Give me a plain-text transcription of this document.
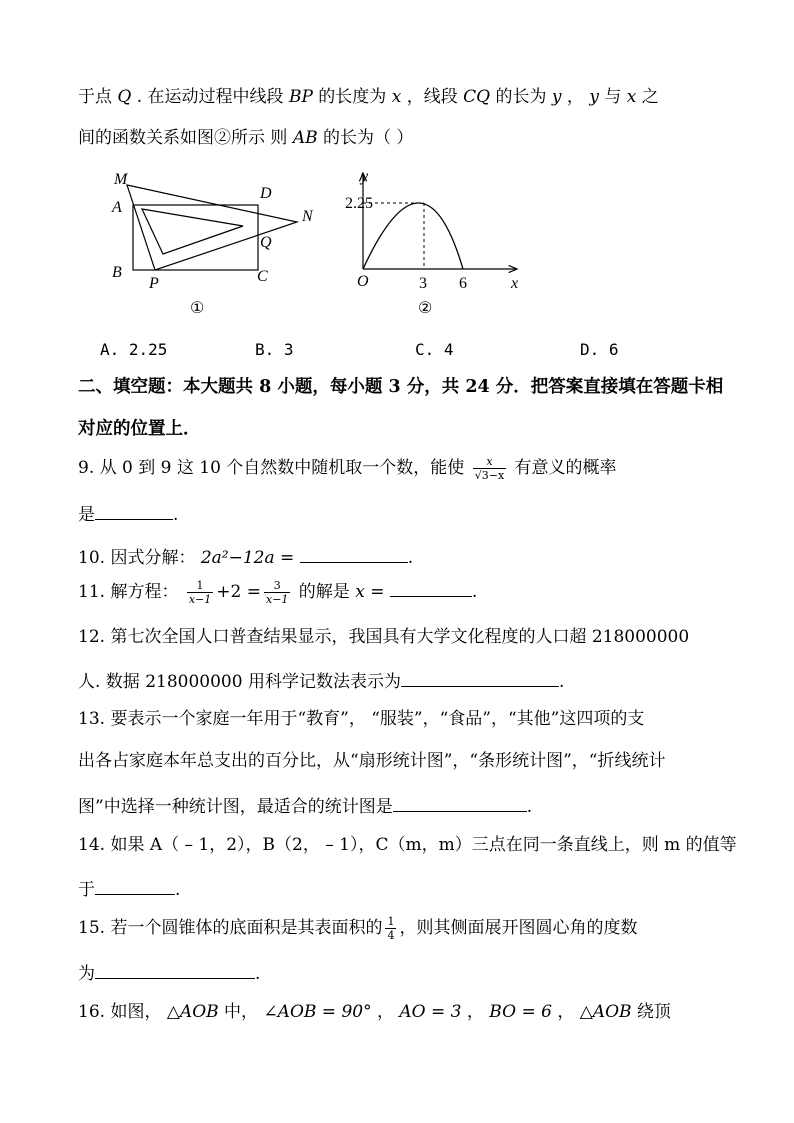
于点 Q . 在运动过程中线段 BP 的长度为 x ，线段 CQ 的长为 y ， y 与 x 之
间的函数关系如图②所示 则 AB 的长为（ ）
M
A
D
N
Q
B
P	C
①
y
x
O
2.25
3 6
②
A. 2.25	B. 3	C. 4	D. 6
二、填空题：本大题共 8 小题，每小题 3 分，共 24 分．把答案直接填在答题卡相
对应的位置上．
9. 从 0 到 9 这 10 个自然数中随机取一个数，能使 $\frac{x}{√3-x}$ 有意义的概率
是	.
10. 因式分解： 2a²−12a =	.
11. 解方程： $\frac{1}{x-1} +2 = \frac{3}{x-1}$ 的解是 x =	.
12. 第七次全国人口普查结果显示，我国具有大学文化程度的人口超 218000000
人. 数据 218000000 用科学记数法表示为	.
13. 要表示一个家庭一年用于“教育”， “服装”，“食品”，“其他”这四项的支
出各占家庭本年总支出的百分比，从“扇形统计图”，“条形统计图”，“折线统计
图”中选择一种统计图，最适合的统计图是	.
14. 如果 A（ – 1，2），B（2， – 1），C（m，m）三点在同一条直线上，则 m 的值等
于	.
15. 若一个圆锥体的底面积是其表面积的 $\frac{1}{4}$ ，则其侧面展开图圆心角的度数
为	.
16. 如图， △AOB 中， ∠AOB = 90° ， AO = 3 ， BO = 6 ， △AOB 绕顶
